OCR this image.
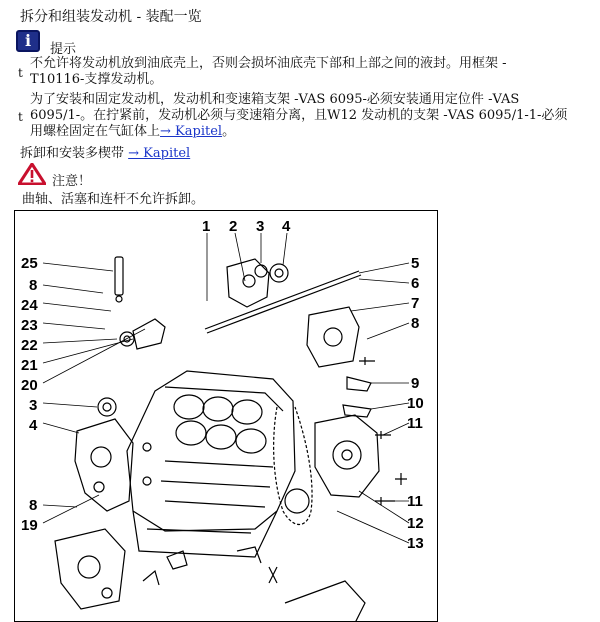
拆分和组装发动机 - 装配一览
i	提示
t
不允许将发动机放到油底壳上，否则会损坏油底壳下部和上部之间的液封。用框架 -
T10116-支撑发动机。
t
为了安装和固定发动机，发动机和变速箱支架 -VAS 6095-必须安装通用定位件 -VAS
6095/1-。在拧紧前，发动机必须与变速箱分离，且W12 发动机的支架 -VAS 6095/1-1-必须
用螺栓固定在气缸体上→ Kapitel。
拆卸和安装多楔带 → Kapitel
注意！
曲轴、活塞和连杆不允许拆卸。
25
8
24
23
22
21
20
3
4
8
19
1 2 3 4
5
6
7
8
9
10
11
11
12
13
